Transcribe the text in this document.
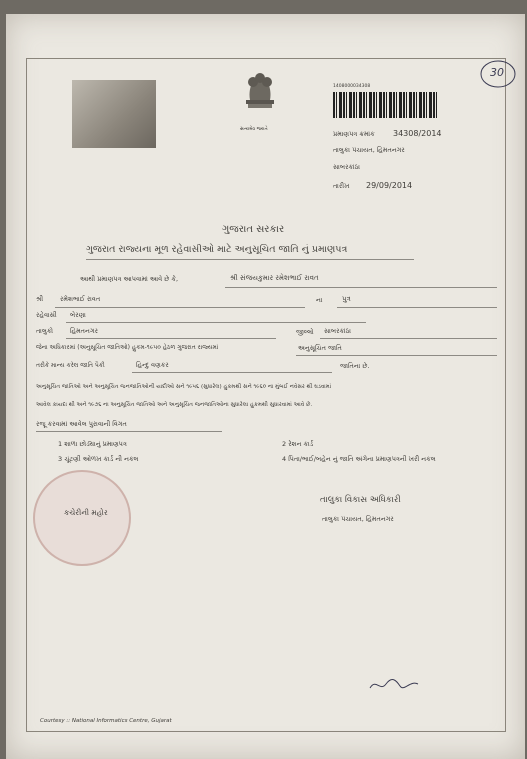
સત્યમેવ જયતે
1408000034308
30
પ્રમાણપત્ર ક્રમાંક 34308/2014
તાલુકા પંચાયત, હિંમતનગર
સાબરકાંઠા
તારીખ 29/09/2014
ગુજરાત સરકાર
ગુજરાત રાજ્યના મૂળ રહેવાસીઓ માટે અનુસૂચિત જાતિ નું પ્રમાણપત્ર
આથી પ્રમાણપત્ર આપવામાં આવે છે કે,	શ્રી સંજયકુમાર રમેશભાઈ રાવત
શ્રી	રમેશભાઈ રાવત	ના	પુત્ર
રહેવાસી બેરણા
તાલુકો	હિંમતનગર	જીલ્લો સાબરકાંઠા
જેના અધિકારમાં (અનુસૂચિત જાતિઓ) હુકમ-૧૯૫૦ હેઠળ ગુજરાત રાજ્યમાં	અનુસૂચિત જાતિ
તરીકે માન્ય કરેલ જાતિ પૈકી	હિન્દુ વણકર	જાતિના છે.
અનુસૂચિત જાતિઓ અને અનુસૂચિત જનજાતિઓની યાદીઓ સને ૧૯૫૬ (સુધારેલ) હુકમથી સને ૧૯૬૦ ના મુંબઈ નવેસર થી ઘડવામાં
આવેલ કાયદા થી અને ૧૯૭૬ ના અનુસૂચિત જાતિઓ અને અનુસૂચિત જનજાતિઓના સુધારેલા હુકમથી સુધારવામાં આવે છે.
રજૂ કરવામાં આવેલ પુરાવાની વિગત
1 શાળા છોડ્યાનું પ્રમાણપત્ર	2 રેશન કાર્ડ
3 ચૂંટણી ઓળખ કાર્ડ ની નકલ	4 પિતા/ભાઈ/બહેન નું જાતિ અંગેના પ્રમાણપત્રની ખરી નકલ
કચેરીની મહોર
તાલુકા વિકાસ અધિકારી
તાલુકા પંચાયત, હિંમતનગર
Courtesy :: National Informatics Centre, Gujarat
